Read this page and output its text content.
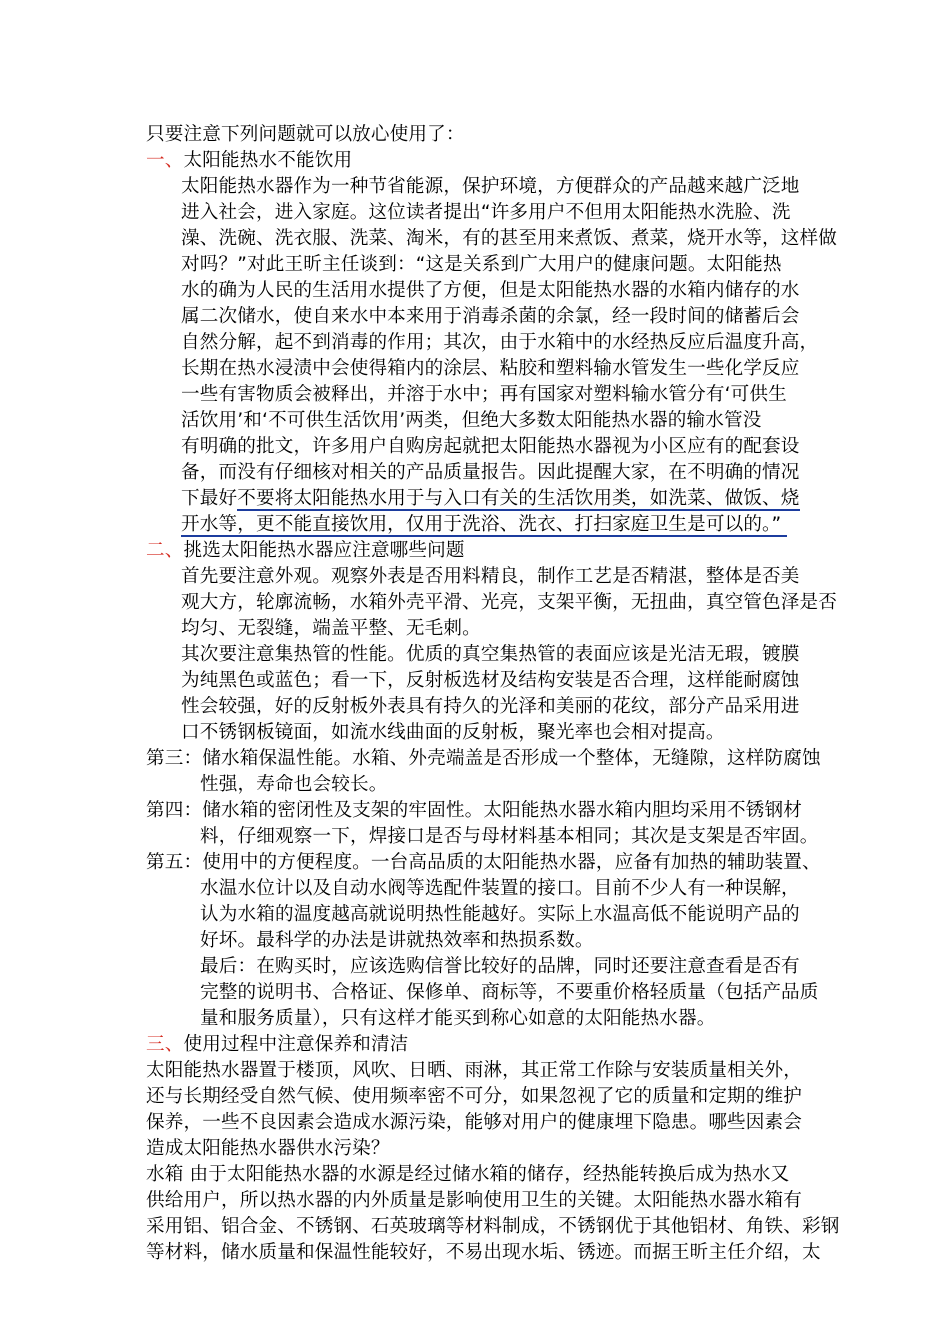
只要注意下列问题就可以放心使用了：
一、太阳能热水不能饮用
太阳能热水器作为一种节省能源，保护环境，方便群众的产品越来越广泛地
进入社会，进入家庭。这位读者提出“许多用户不但用太阳能热水洗脸、洗
澡、洗碗、洗衣服、洗菜、淘米，有的甚至用来煮饭、煮菜，烧开水等，这样做
对吗？”对此王昕主任谈到：“这是关系到广大用户的健康问题。太阳能热
水的确为人民的生活用水提供了方便，但是太阳能热水器的水箱内储存的水
属二次储水，使自来水中本来用于消毒杀菌的余氯，经一段时间的储蓄后会
自然分解，起不到消毒的作用；其次，由于水箱中的水经热反应后温度升高，
长期在热水浸渍中会使得箱内的涂层、粘胶和塑料输水管发生一些化学反应
一些有害物质会被释出，并溶于水中；再有国家对塑料输水管分有‘可供生
活饮用’和‘不可供生活饮用’两类，但绝大多数太阳能热水器的输水管没
有明确的批文，许多用户自购房起就把太阳能热水器视为小区应有的配套设
备，而没有仔细核对相关的产品质量报告。因此提醒大家，在不明确的情况
下最好不要将太阳能热水用于与入口有关的生活饮用类，如洗菜、做饭、烧
开水等，更不能直接饮用，仅用于洗浴、洗衣、打扫家庭卫生是可以的。”
二、挑选太阳能热水器应注意哪些问题
首先要注意外观。观察外表是否用料精良，制作工艺是否精湛，整体是否美
观大方，轮廓流畅，水箱外壳平滑、光亮，支架平衡，无扭曲，真空管色泽是否
均匀、无裂缝，端盖平整、无毛刺。
其次要注意集热管的性能。优质的真空集热管的表面应该是光洁无瑕，镀膜
为纯黑色或蓝色；看一下，反射板选材及结构安装是否合理，这样能耐腐蚀
性会较强，好的反射板外表具有持久的光泽和美丽的花纹，部分产品采用进
口不锈钢板镜面，如流水线曲面的反射板，聚光率也会相对提高。
第三：储水箱保温性能。水箱、外壳端盖是否形成一个整体，无缝隙，这样防腐蚀
性强，寿命也会较长。
第四：储水箱的密闭性及支架的牢固性。太阳能热水器水箱内胆均采用不锈钢材
料，仔细观察一下，焊接口是否与母材料基本相同；其次是支架是否牢固。
第五：使用中的方便程度。一台高品质的太阳能热水器，应备有加热的辅助装置、
水温水位计以及自动水阀等选配件装置的接口。目前不少人有一种误解，
认为水箱的温度越高就说明热性能越好。实际上水温高低不能说明产品的
好坏。最科学的办法是讲就热效率和热损系数。
最后：在购买时，应该选购信誉比较好的品牌，同时还要注意查看是否有
完整的说明书、合格证、保修单、商标等，不要重价格轻质量（包括产品质
量和服务质量），只有这样才能买到称心如意的太阳能热水器。
三、使用过程中注意保养和清洁
太阳能热水器置于楼顶，风吹、日晒、雨淋，其正常工作除与安装质量相关外，
还与长期经受自然气候、使用频率密不可分，如果忽视了它的质量和定期的维护
保养，一些不良因素会造成水源污染，能够对用户的健康埋下隐患。哪些因素会
造成太阳能热水器供水污染？
水箱 由于太阳能热水器的水源是经过储水箱的储存，经热能转换后成为热水又
供给用户，所以热水器的内外质量是影响使用卫生的关键。太阳能热水器水箱有
采用铝、铝合金、不锈钢、石英玻璃等材料制成，不锈钢优于其他铝材、角铁、彩钢
等材料，储水质量和保温性能较好，不易出现水垢、锈迹。而据王昕主任介绍，太
